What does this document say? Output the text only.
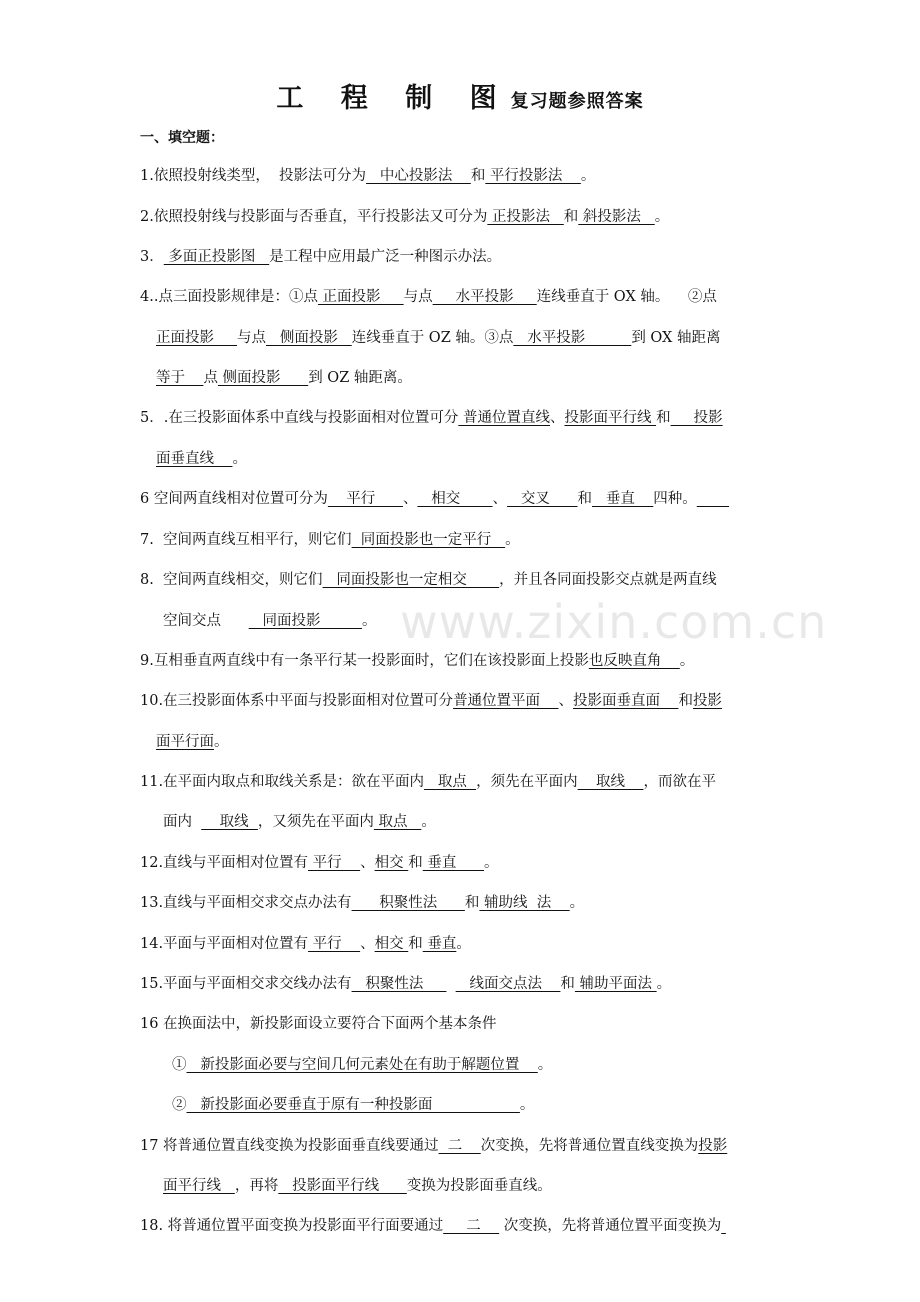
工 程 制 图复习题参照答案
一、填空题：
www.zixin.com.cn
1.依照投射线类型，  投影法可分为   中心投影法    和 平行投影法    。
2.依照投射线与投影面与否垂直，平行投影法又可分为 正投影法   和 斜投影法   。
3． 多面正投影图   是工程中应用最广泛一种图示办法。
4..点三面投影规律是：①点 正面投影     与点     水平投影     连线垂直于 OX 轴。    ②点
正面投影     与点   侧面投影   连线垂直于 OZ 轴。③点   水平投影          到 OX 轴距离
等于    点 侧面投影      到 OZ 轴距离。
5．.在三投影面体系中直线与投影面相对位置可分 普通位置直线、投影面平行线 和     投影
面垂直线    。
6 空间两直线相对位置可分为    平行      、   相交       、   交叉      和   垂直    四种。
7.  空间两直线互相平行，则它们  同面投影也一定平行   。
8.  空间两直线相交，则它们   同面投影也一定相交       ，并且各同面投影交点就是两直线
空间交点         同面投影         。
9.互相垂直两直线中有一条平行某一投影面时，它们在该投影面上投影也反映直角    。
10.在三投影面体系中平面与投影面相对位置可分普通位置平面    、投影面垂直面    和投影
面平行面。
11.在平面内取点和取线关系是：欲在平面内   取点  ，须先在平面内    取线    ，而欲在平
面内      取线  ，又须先在平面内 取点   。
12.直线与平面相对位置有 平行    、相交 和 垂直      。
13.直线与平面相交求交点办法有      积聚性法      和 辅助线  法    。
14.平面与平面相对位置有 平行    、相交 和 垂直。
15.平面与平面相交求交线办法有   积聚性法          线面交点法    和 辅助平面法 。
16 在换面法中，新投影面设立要符合下面两个基本条件
①   新投影面必要与空间几何元素处在有助于解题位置    。
②   新投影面必要垂直于原有一种投影面                   。
17 将普通位置直线变换为投影面垂直线要通过  二    次变换，先将普通位置直线变换为投影
面平行线   ，再将   投影面平行线      变换为投影面垂直线。
18. 将普通位置平面变换为投影面平行面要通过     二     次变换，先将普通位置平面变换为
